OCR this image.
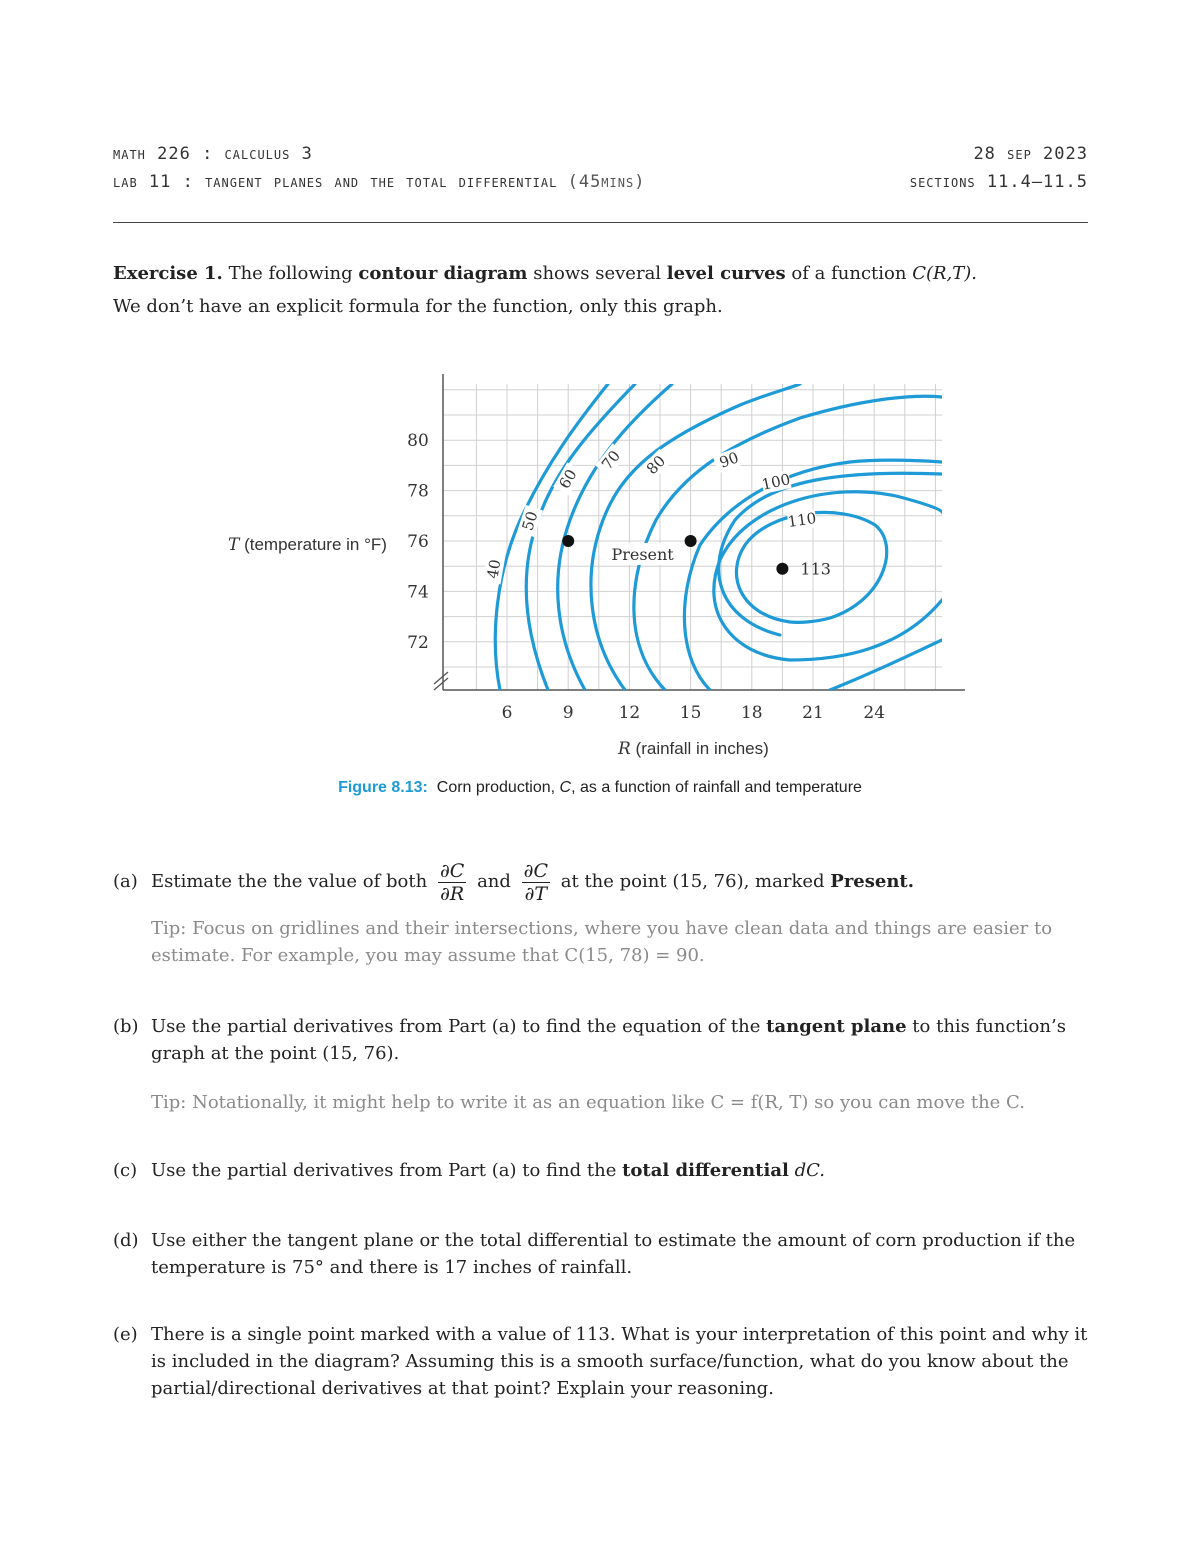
math 226 : calculus 3	28 sep 2023
lab 11 : tangent planes and the total differential (45mins)	sections 11.4–11.5
Exercise 1. The following contour diagram shows several level curves of a function C(R,T).
We don’t have an explicit formula for the function, only this graph.
6	9	12 15 18 21 24
80
78
76
74
72
40
50
60
70 80	90
100
110
Present
113
T (temperature in °F)
R (rainfall in inches)
Figure 8.13: Corn production, C, as a function of rainfall and temperature
(a) Estimate the the value of both $\frac{\partial C}{\partial R}$ and $\frac{\partial C}{\partial T}$ at the point (15, 76), marked Present.
Tip: Focus on gridlines and their intersections, where you have clean data and things are easier to estimate. For example, you may assume that C(15, 78) = 90.
(b) Use the partial derivatives from Part (a) to find the equation of the tangent plane to this function’s graph at the point (15, 76).
Tip: Notationally, it might help to write it as an equation like C = f(R, T) so you can move the C.
(c) Use the partial derivatives from Part (a) to find the total differential dC.
(d) Use either the tangent plane or the total differential to estimate the amount of corn production if the temperature is 75° and there is 17 inches of rainfall.
(e) There is a single point marked with a value of 113. What is your interpretation of this point and why it is included in the diagram? Assuming this is a smooth surface/function, what do you know about the partial/directional derivatives at that point? Explain your reasoning.
